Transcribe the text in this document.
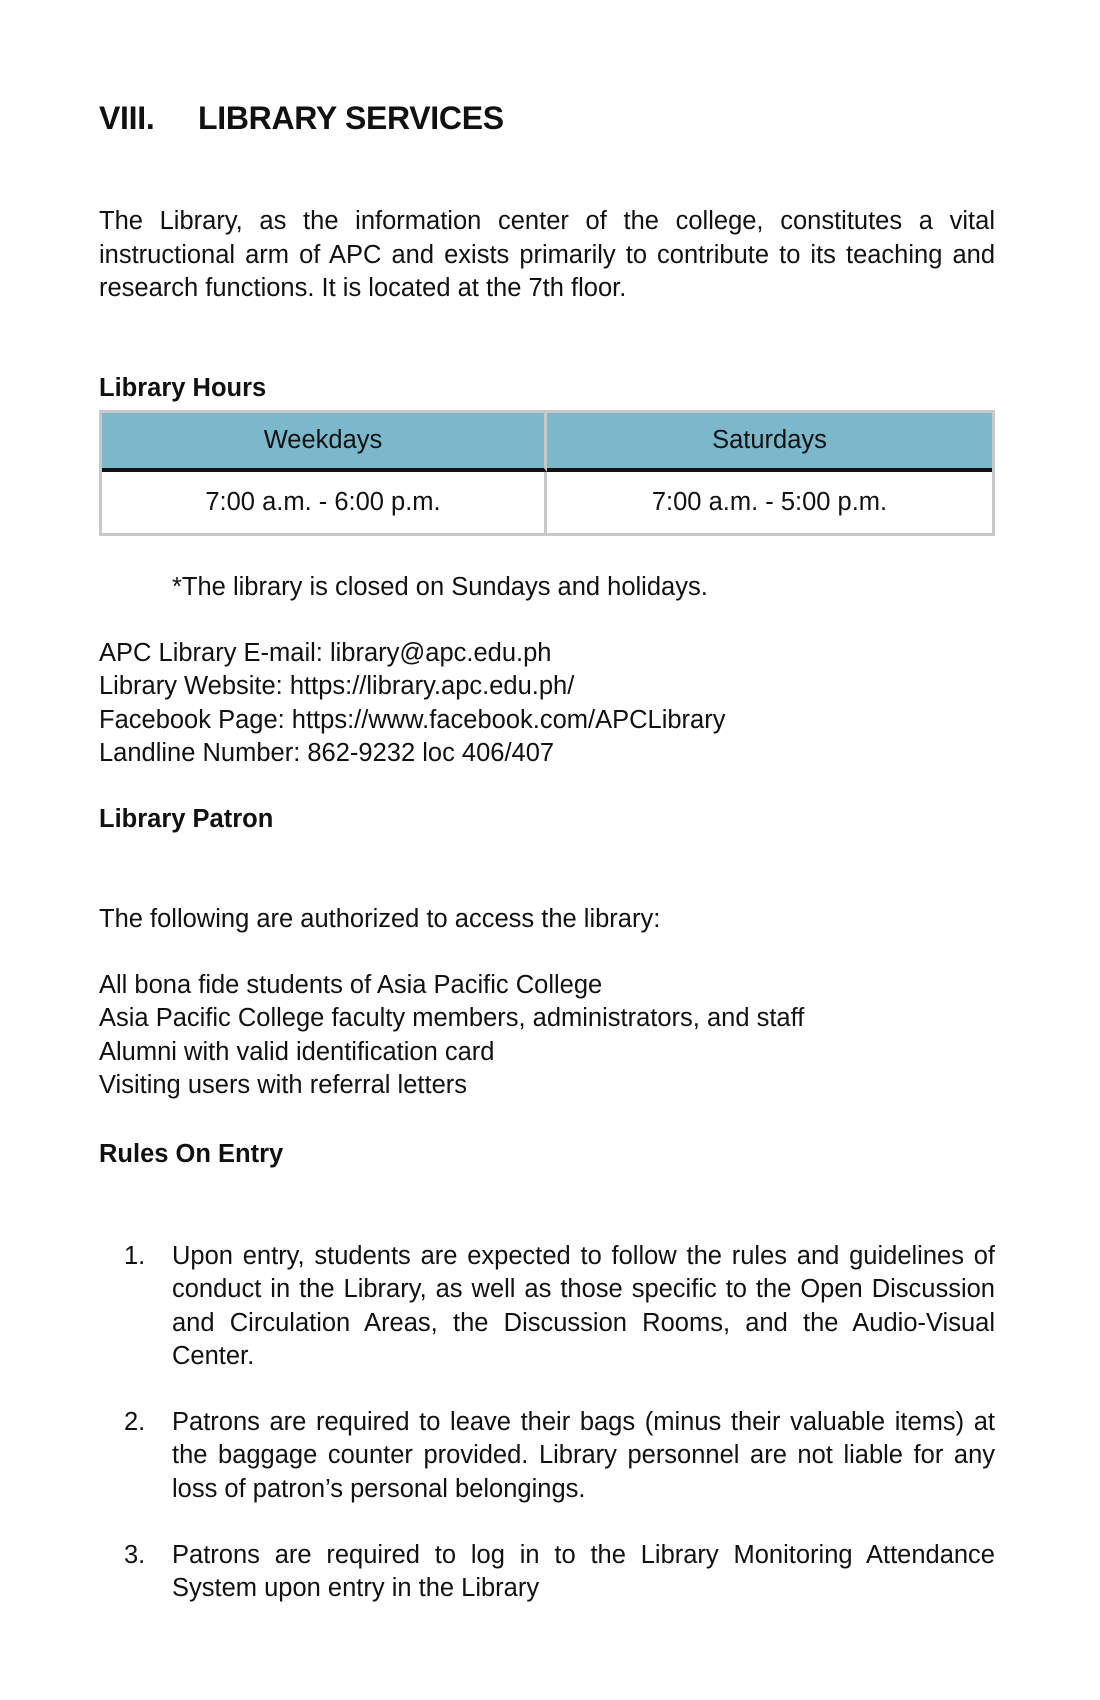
VIII. LIBRARY SERVICES
The Library, as the information center of the college, constitutes a vital instructional arm of APC and exists primarily to contribute to its teaching and research functions. It is located at the 7th floor.
Library Hours
Weekdays	Saturdays
7:00 a.m. - 6:00 p.m.	7:00 a.m. - 5:00 p.m.
*The library is closed on Sundays and holidays.
APC Library E-mail: library@apc.edu.ph
Library Website: https://library.apc.edu.ph/
Facebook Page: https://www.facebook.com/APCLibrary
Landline Number: 862-9232 loc 406/407
Library Patron
The following are authorized to access the library:
All bona fide students of Asia Pacific College
Asia Pacific College faculty members, administrators, and staff
Alumni with valid identification card
Visiting users with referral letters
Rules On Entry
1.	Upon entry, students are expected to follow the rules and guidelines of conduct in the Library, as well as those specific to the Open Discussion and Circulation Areas, the Discussion Rooms, and the Audio-Visual Center.
2.	Patrons are required to leave their bags (minus their valuable items) at the baggage counter provided. Library personnel are not liable for any loss of patron’s personal belongings.
3.	Patrons are required to log in to the Library Monitoring Attendance System upon entry in the Library
